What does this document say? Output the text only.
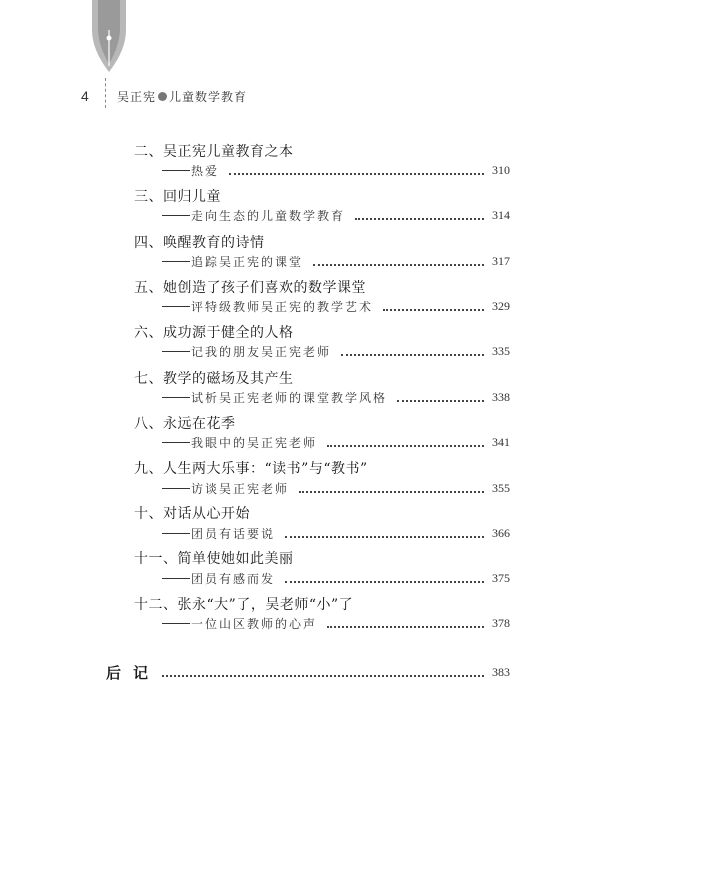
4 吴正宪 儿童数学教育
二、吴正宪儿童教育之本
热爱	310
三、回归儿童
走向生态的儿童数学教育	314
四、唤醒教育的诗情
追踪吴正宪的课堂	317
五、她创造了孩子们喜欢的数学课堂
评特级教师吴正宪的教学艺术	329
六、成功源于健全的人格
记我的朋友吴正宪老师	335
七、教学的磁场及其产生
试析吴正宪老师的课堂教学风格	338
八、永远在花季
我眼中的吴正宪老师	341
九、人生两大乐事：“读书”与“教书”
访谈吴正宪老师	355
十、对话从心开始
团员有话要说	366
十一、简单使她如此美丽
团员有感而发	375
十二、张永“大”了，吴老师“小”了
一位山区教师的心声	378
后记	383
